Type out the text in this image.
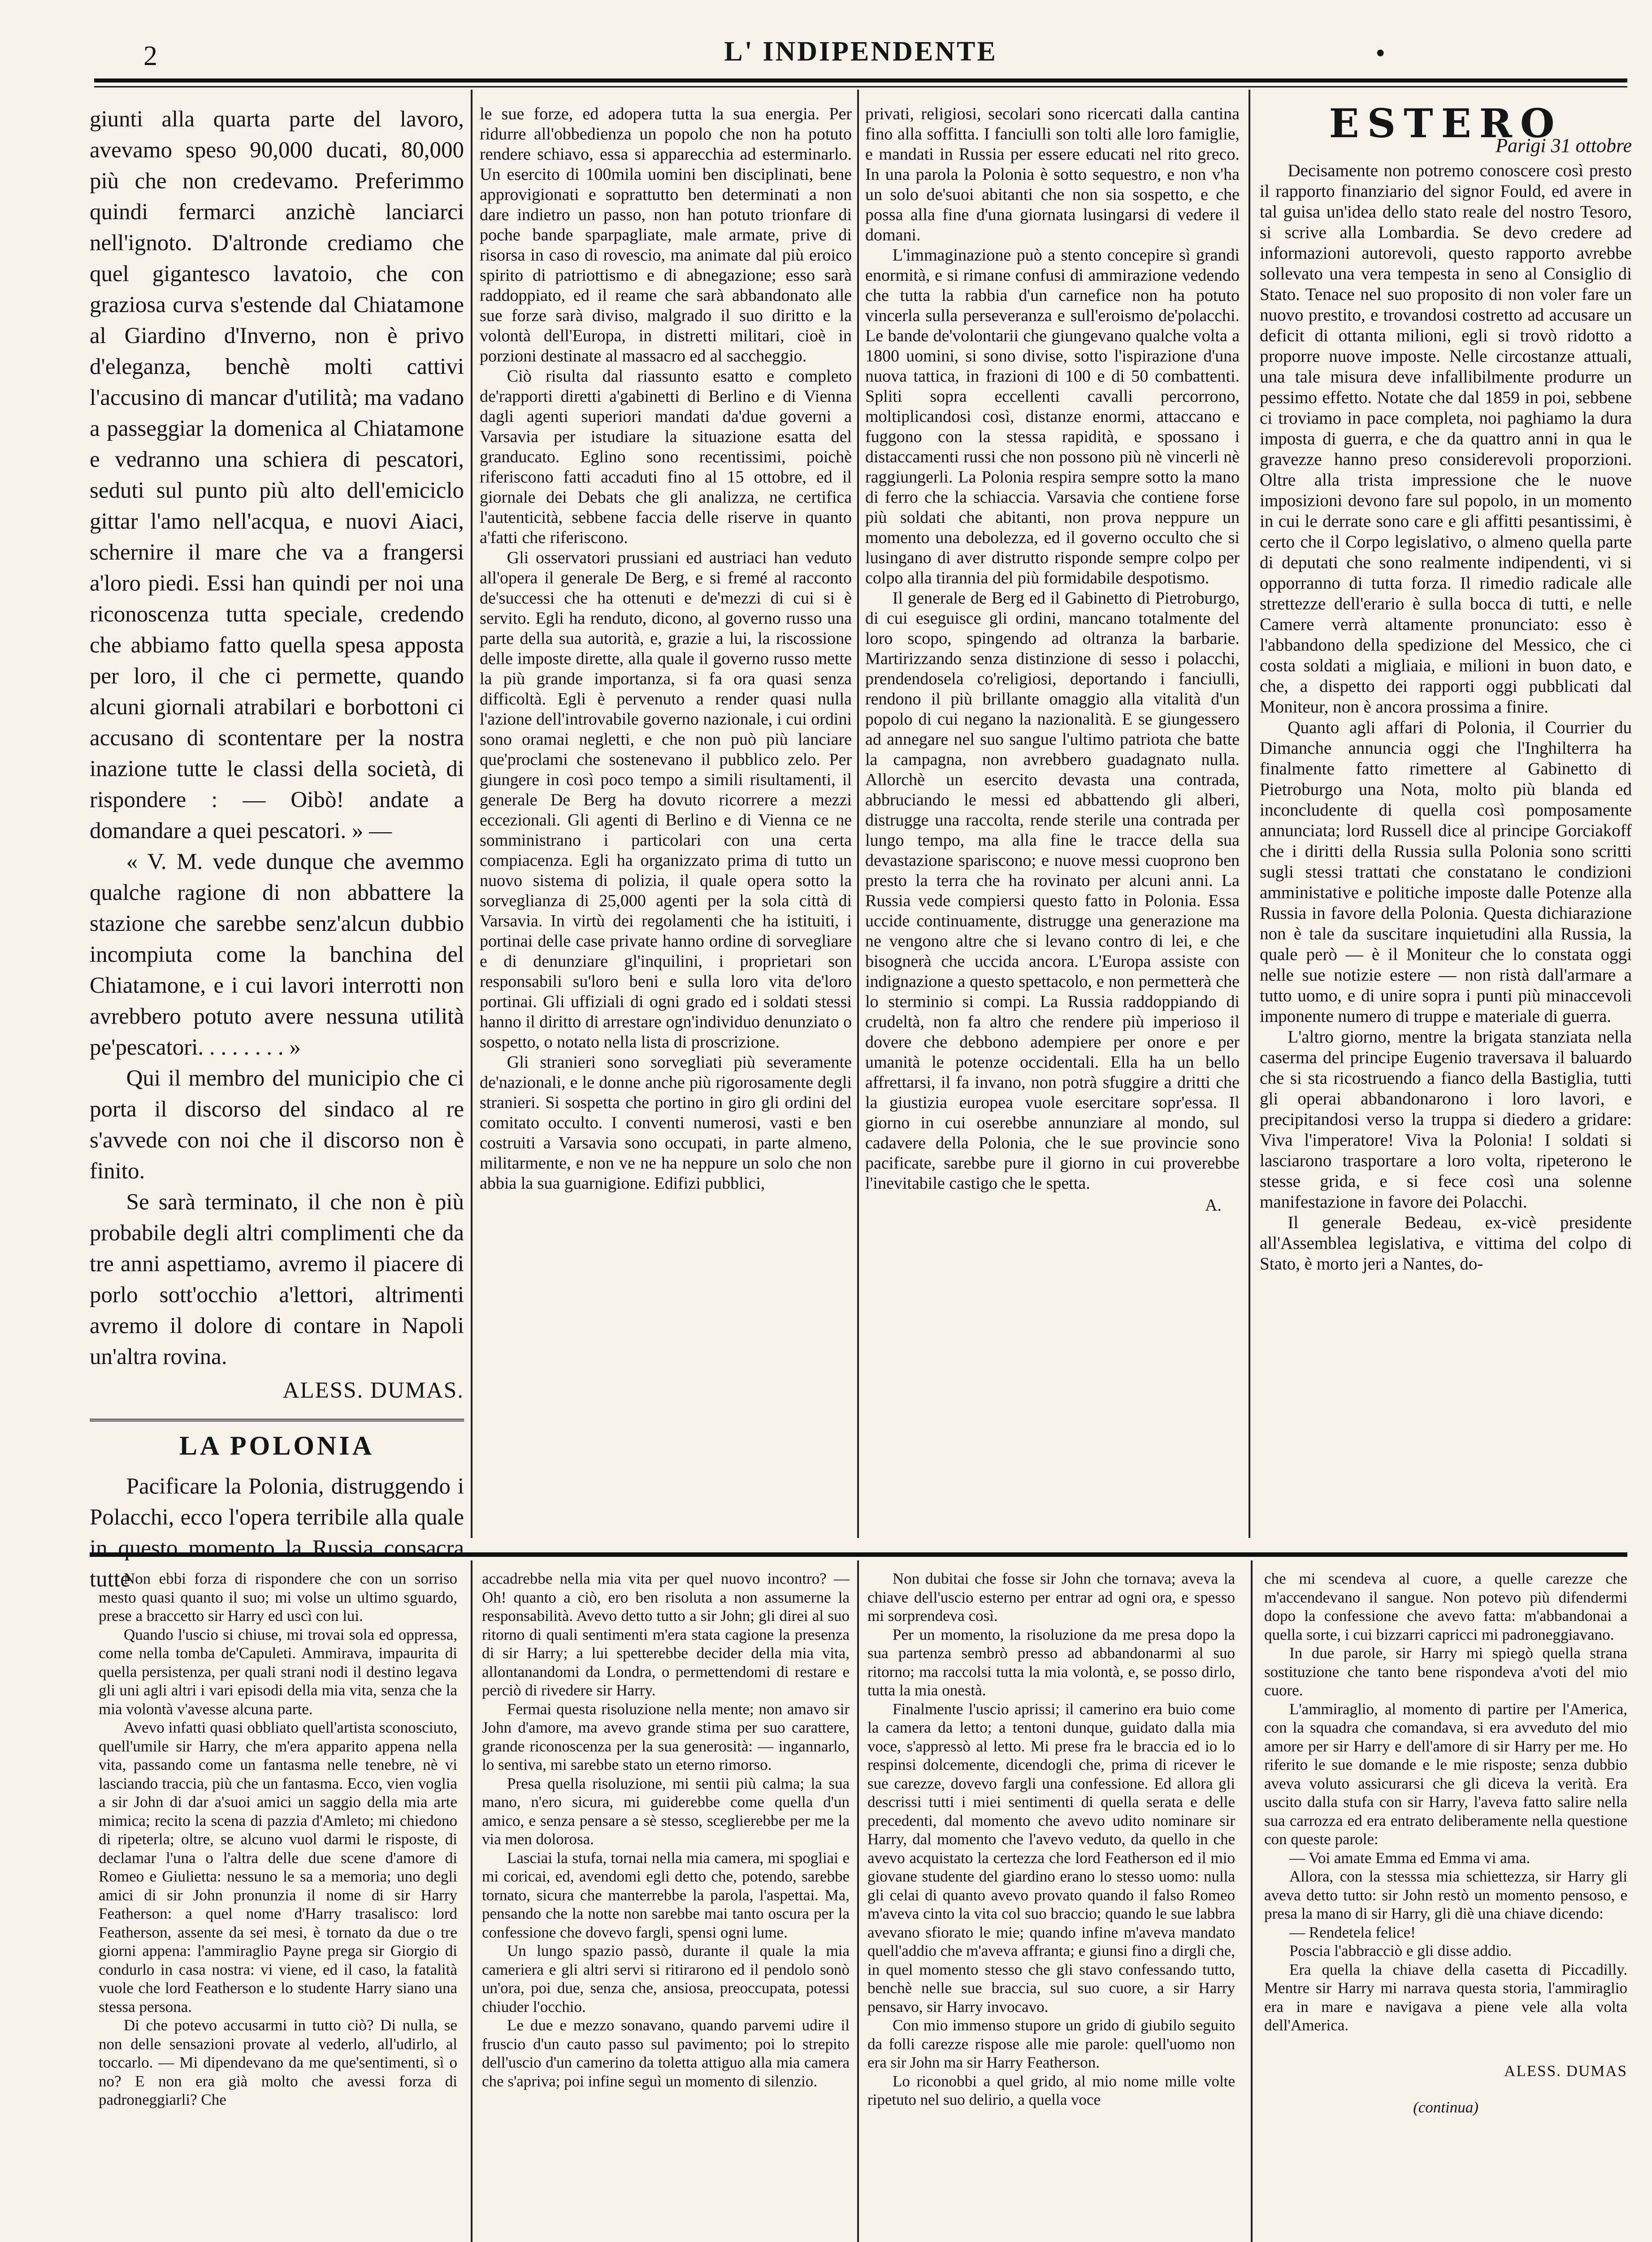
2	L' INDIPENDENTE	•

giunti alla quarta parte del lavoro, avevamo speso 90,000 ducati, 80,000 più che non credevamo. Preferimmo quindi fermarci anzichè lanciarci nell'ignoto. D'altronde crediamo che quel gigantesco lavatoio, che con graziosa curva s'estende dal Chiatamone al Giardino d'Inverno, non è privo d'eleganza, benchè molti cattivi l'accusino di mancar d'utilità; ma vadano a passeggiar la domenica al Chiatamone e vedranno una schiera di pescatori, seduti sul punto più alto dell'emiciclo gittar l'amo nell'acqua, e nuovi Aiaci, schernire il mare che va a frangersi a'loro piedi. Essi han quindi per noi una riconoscenza tutta speciale, credendo che abbiamo fatto quella spesa apposta per loro, il che ci permette, quando alcuni giornali atrabilari e borbottoni ci accusano di scontentare per la nostra inazione tutte le classi della società, di rispondere : — Oibò! andate a domandare a quei pescatori. » —

« V. M. vede dunque che avemmo qualche ragione di non abbattere la stazione che sarebbe senz'alcun dubbio incompiuta come la banchina del Chiatamone, e i cui lavori interrotti non avrebbero potuto avere nessuna utilità pe'pescatori. . . . . . . . »

Qui il membro del municipio che ci porta il discorso del sindaco al re s'avvede con noi che il discorso non è finito.

Se sarà terminato, il che non è più probabile degli altri complimenti che da tre anni aspettiamo, avremo il piacere di porlo sott'occhio a'lettori, altrimenti avremo il dolore di contare in Napoli un'altra rovina.

ALESS. DUMAS.
LA POLONIA

Pacificare la Polonia, distruggendo i Polacchi, ecco l'opera terribile alla quale in questo momento la Russia consacra tutte

le sue forze, ed adopera tutta la sua energia. Per ridurre all'obbedienza un popolo che non ha potuto rendere schiavo, essa si apparecchia ad esterminarlo. Un esercito di 100mila uomini ben disciplinati, bene approvigionati e soprattutto ben determinati a non dare indietro un passo, non han potuto trionfare di poche bande sparpagliate, male armate, prive di risorsa in caso di rovescio, ma animate dal più eroico spirito di patriottismo e di abnegazione; esso sarà raddoppiato, ed il reame che sarà abbandonato alle sue forze sarà diviso, malgrado il suo diritto e la volontà dell'Europa, in distretti militari, cioè in porzioni destinate al massacro ed al saccheggio.

Ciò risulta dal riassunto esatto e completo de'rapporti diretti a'gabinetti di Berlino e di Vienna dagli agenti superiori mandati da'due governi a Varsavia per istudiare la situazione esatta del granducato. Eglino sono recentissimi, poichè riferiscono fatti accaduti fino al 15 ottobre, ed il giornale dei Debats che gli analizza, ne certifica l'autenticità, sebbene faccia delle riserve in quanto a'fatti che riferiscono.

Gli osservatori prussiani ed austriaci han veduto all'opera il generale De Berg, e si fremé al racconto de'successi che ha ottenuti e de'mezzi di cui si è servito. Egli ha renduto, dicono, al governo russo una parte della sua autorità, e, grazie a lui, la riscossione delle imposte dirette, alla quale il governo russo mette la più grande importanza, si fa ora quasi senza difficoltà. Egli è pervenuto a render quasi nulla l'azione dell'introvabile governo nazionale, i cui ordini sono oramai negletti, e che non può più lanciare que'proclami che sostenevano il pubblico zelo. Per giungere in così poco tempo a simili risultamenti, il generale De Berg ha dovuto ricorrere a mezzi eccezionali. Gli agenti di Berlino e di Vienna ce ne somministrano i particolari con una certa compiacenza. Egli ha organizzato prima di tutto un nuovo sistema di polizia, il quale opera sotto la sorveglianza di 25,000 agenti per la sola città di Varsavia. In virtù dei regolamenti che ha istituiti, i portinai delle case private hanno ordine di sorvegliare e di denunziare gl'inquilini, i proprietari son responsabili su'loro beni e sulla loro vita de'loro portinai. Gli uffiziali di ogni grado ed i soldati stessi hanno il diritto di arrestare ogn'individuo denunziato o sospetto, o notato nella lista di proscrizione.

Gli stranieri sono sorvegliati più severamente de'nazionali, e le donne anche più rigorosamente degli stranieri. Si sospetta che portino in giro gli ordini del comitato occulto. I conventi numerosi, vasti e ben costruiti a Varsavia sono occupati, in parte almeno, militarmente, e non ve ne ha neppure un solo che non abbia la sua guarnigione. Edifizi pubblici,

privati, religiosi, secolari sono ricercati dalla cantina fino alla soffitta. I fanciulli son tolti alle loro famiglie, e mandati in Russia per essere educati nel rito greco. In una parola la Polonia è sotto sequestro, e non v'ha un solo de'suoi abitanti che non sia sospetto, e che possa alla fine d'una giornata lusingarsi di vedere il domani.

L'immaginazione può a stento concepire sì grandi enormità, e si rimane confusi di ammirazione vedendo che tutta la rabbia d'un carnefice non ha potuto vincerla sulla perseveranza e sull'eroismo de'polacchi. Le bande de'volontarii che giungevano qualche volta a 1800 uomini, si sono divise, sotto l'ispirazione d'una nuova tattica, in frazioni di 100 e di 50 combattenti. Spliti sopra eccellenti cavalli percorrono, moltiplicandosi così, distanze enormi, attaccano e fuggono con la stessa rapidità, e spossano i distaccamenti russi che non possono più nè vincerli nè raggiungerli. La Polonia respira sempre sotto la mano di ferro che la schiaccia. Varsavia che contiene forse più soldati che abitanti, non prova neppure un momento una debolezza, ed il governo occulto che si lusingano di aver distrutto risponde sempre colpo per colpo alla tirannia del più formidabile despotismo.

Il generale de Berg ed il Gabinetto di Pietroburgo, di cui eseguisce gli ordini, mancano totalmente del loro scopo, spingendo ad oltranza la barbarie. Martirizzando senza distinzione di sesso i polacchi, prendendosela co'religiosi, deportando i fanciulli, rendono il più brillante omaggio alla vitalità d'un popolo di cui negano la nazionalità. E se giungessero ad annegare nel suo sangue l'ultimo patriota che batte la campagna, non avrebbero guadagnato nulla. Allorchè un esercito devasta una contrada, abbruciando le messi ed abbattendo gli alberi, distrugge una raccolta, rende sterile una contrada per lungo tempo, ma alla fine le tracce della sua devastazione spariscono; e nuove messi cuoprono ben presto la terra che ha rovinato per alcuni anni. La Russia vede compiersi questo fatto in Polonia. Essa uccide continuamente, distrugge una generazione ma ne vengono altre che si levano contro di lei, e che bisognerà che uccida ancora. L'Europa assiste con indignazione a questo spettacolo, e non permetterà che lo sterminio si compi. La Russia raddoppiando di crudeltà, non fa altro che rendere più imperioso il dovere che debbono adempiere per onore e per umanità le potenze occidentali. Ella ha un bello affrettarsi, il fa invano, non potrà sfuggire a dritti che la giustizia europea vuole esercitare sopr'essa. Il giorno in cui oserebbe annunziare al mondo, sul cadavere della Polonia, che le sue provincie sono pacificate, sarebbe pure il giorno in cui proverebbe l'inevitabile castigo che le spetta.

A.
ESTERO
Parigi 31 ottobre

Decisamente non potremo conoscere così presto il rapporto finanziario del signor Fould, ed avere in tal guisa un'idea dello stato reale del nostro Tesoro, si scrive alla Lombardia. Se devo credere ad informazioni autorevoli, questo rapporto avrebbe sollevato una vera tempesta in seno al Consiglio di Stato. Tenace nel suo proposito di non voler fare un nuovo prestito, e trovandosi costretto ad accusare un deficit di ottanta milioni, egli si trovò ridotto a proporre nuove imposte. Nelle circostanze attuali, una tale misura deve infallibilmente produrre un pessimo effetto. Notate che dal 1859 in poi, sebbene ci troviamo in pace completa, noi paghiamo la dura imposta di guerra, e che da quattro anni in qua le gravezze hanno preso considerevoli proporzioni. Oltre alla trista impressione che le nuove imposizioni devono fare sul popolo, in un momento in cui le derrate sono care e gli affitti pesantissimi, è certo che il Corpo legislativo, o almeno quella parte di deputati che sono realmente indipendenti, vi si opporranno di tutta forza. Il rimedio radicale alle strettezze dell'erario è sulla bocca di tutti, e nelle Camere verrà altamente pronunciato: esso è l'abbandono della spedizione del Messico, che ci costa soldati a migliaia, e milioni in buon dato, e che, a dispetto dei rapporti oggi pubblicati dal Moniteur, non è ancora prossima a finire.

Quanto agli affari di Polonia, il Courrier du Dimanche annuncia oggi che l'Inghilterra ha finalmente fatto rimettere al Gabinetto di Pietroburgo una Nota, molto più blanda ed inconcludente di quella così pomposamente annunciata; lord Russell dice al principe Gorciakoff che i diritti della Russia sulla Polonia sono scritti sugli stessi trattati che constatano le condizioni amministative e politiche imposte dalle Potenze alla Russia in favore della Polonia. Questa dichiarazione non è tale da suscitare inquietudini alla Russia, la quale però — è il Moniteur che lo constata oggi nelle sue notizie estere — non ristà dall'armare a tutto uomo, e di unire sopra i punti più minaccevoli imponente numero di truppe e materiale di guerra.

L'altro giorno, mentre la brigata stanziata nella caserma del principe Eugenio traversava il baluardo che si sta ricostruendo a fianco della Bastiglia, tutti gli operai abbandonarono i loro lavori, e precipitandosi verso la truppa si diedero a gridare: Viva l'imperatore! Viva la Polonia! I soldati si lasciarono trasportare a loro volta, ripeterono le stesse grida, e si fece così una solenne manifestazione in favore dei Polacchi.

Il generale Bedeau, ex-vicè presidente all'Assemblea legislativa, e vittima del colpo di Stato, è morto jeri a Nantes, do-

Non ebbi forza di rispondere che con un sorriso mesto quasi quanto il suo; mi volse un ultimo sguardo, prese a braccetto sir Harry ed uscì con lui.

Quando l'uscio si chiuse, mi trovai sola ed oppressa, come nella tomba de'Capuleti. Ammirava, impaurita di quella persistenza, per quali strani nodi il destino legava gli uni agli altri i vari episodi della mia vita, senza che la mia volontà v'avesse alcuna parte.

Avevo infatti quasi obbliato quell'artista sconosciuto, quell'umile sir Harry, che m'era apparito appena nella vita, passando come un fantasma nelle tenebre, nè vi lasciando traccia, più che un fantasma. Ecco, vien voglia a sir John di dar a'suoi amici un saggio della mia arte mimica; recito la scena di pazzia d'Amleto; mi chiedono di ripeterla; oltre, se alcuno vuol darmi le risposte, di declamar l'una o l'altra delle due scene d'amore di Romeo e Giulietta: nessuno le sa a memoria; uno degli amici di sir John pronunzia il nome di sir Harry Featherson: a quel nome d'Harry trasalisco: lord Featherson, assente da sei mesi, è tornato da due o tre giorni appena: l'ammiraglio Payne prega sir Giorgio di condurlo in casa nostra: vi viene, ed il caso, la fatalità vuole che lord Featherson e lo studente Harry siano una stessa persona.

Di che potevo accusarmi in tutto ciò? Di nulla, se non delle sensazioni provate al vederlo, all'udirlo, al toccarlo. — Mi dipendevano da me que'sentimenti, sì o no? E non era già molto che avessi forza di padroneggiarli? Che

accadrebbe nella mia vita per quel nuovo incontro? — Oh! quanto a ciò, ero ben risoluta a non assumerne la responsabilità. Avevo detto tutto a sir John; gli direi al suo ritorno di quali sentimenti m'era stata cagione la presenza di sir Harry; a lui spetterebbe decider della mia vita, allontanandomi da Londra, o permettendomi di restare e perciò di rivedere sir Harry.

Fermai questa risoluzione nella mente; non amavo sir John d'amore, ma avevo grande stima per suo carattere, grande riconoscenza per la sua generosità: — ingannarlo, lo sentiva, mi sarebbe stato un eterno rimorso.

Presa quella risoluzione, mi sentii più calma; la sua mano, n'ero sicura, mi guiderebbe come quella d'un amico, e senza pensare a sè stesso, sceglierebbe per me la via men dolorosa.

Lasciai la stufa, tornai nella mia camera, mi spogliai e mi coricai, ed, avendomi egli detto che, potendo, sarebbe tornato, sicura che manterrebbe la parola, l'aspettai. Ma, pensando che la notte non sarebbe mai tanto oscura per la confessione che dovevo fargli, spensi ogni lume.

Un lungo spazio passò, durante il quale la mia cameriera e gli altri servi si ritirarono ed il pendolo sonò un'ora, poi due, senza che, ansiosa, preoccupata, potessi chiuder l'occhio.

Le due e mezzo sonavano, quando parvemi udire il fruscio d'un cauto passo sul pavimento; poi lo strepito dell'uscio d'un camerino da toletta attiguo alla mia camera che s'apriva; poi infine seguì un momento di silenzio.

Non dubitai che fosse sir John che tornava; aveva la chiave dell'uscio esterno per entrar ad ogni ora, e spesso mi sorprendeva così.

Per un momento, la risoluzione da me presa dopo la sua partenza sembrò presso ad abbandonarmi al suo ritorno; ma raccolsi tutta la mia volontà, e, se posso dirlo, tutta la mia onestà.

Finalmente l'uscio aprissi; il camerino era buio come la camera da letto; a tentoni dunque, guidato dalla mia voce, s'appressò al letto. Mi prese fra le braccia ed io lo respinsi dolcemente, dicendogli che, prima di ricever le sue carezze, dovevo fargli una confessione. Ed allora gli descrissi tutti i miei sentimenti di quella serata e delle precedenti, dal momento che avevo udito nominare sir Harry, dal momento che l'avevo veduto, da quello in che avevo acquistato la certezza che lord Featherson ed il mio giovane studente del giardino erano lo stesso uomo: nulla gli celai di quanto avevo provato quando il falso Romeo m'aveva cinto la vita col suo braccio; quando le sue labbra avevano sfiorato le mie; quando infine m'aveva mandato quell'addio che m'aveva affranta; e giunsi fino a dirgli che, in quel momento stesso che gli stavo confessando tutto, benchè nelle sue braccia, sul suo cuore, a sir Harry pensavo, sir Harry invocavo.

Con mio immenso stupore un grido di giubilo seguito da folli carezze rispose alle mie parole: quell'uomo non era sir John ma sir Harry Featherson.

Lo riconobbi a quel grido, al mio nome mille volte ripetuto nel suo delirio, a quella voce

che mi scendeva al cuore, a quelle carezze che m'accendevano il sangue. Non potevo più difendermi dopo la confessione che avevo fatta: m'abbandonai a quella sorte, i cui bizzarri capricci mi padroneggiavano.

In due parole, sir Harry mi spiegò quella strana sostituzione che tanto bene rispondeva a'voti del mio cuore.

L'ammiraglio, al momento di partire per l'America, con la squadra che comandava, si era avveduto del mio amore per sir Harry e dell'amore di sir Harry per me. Ho riferito le sue domande e le mie risposte; senza dubbio aveva voluto assicurarsi che gli diceva la verità. Era uscito dalla stufa con sir Harry, l'aveva fatto salire nella sua carrozza ed era entrato deliberamente nella questione con queste parole:

— Voi amate Emma ed Emma vi ama.

Allora, con la stesssa mia schiettezza, sir Harry gli aveva detto tutto: sir John restò un momento pensoso, e presa la mano di sir Harry, gli diè una chiave dicendo:

— Rendetela felice!

Poscia l'abbracciò e gli disse addio.

Era quella la chiave della casetta di Piccadilly. Mentre sir Harry mi narrava questa storia, l'ammiraglio era in mare e navigava a piene vele alla volta dell'America.

ALESS. DUMAS
(continua)
